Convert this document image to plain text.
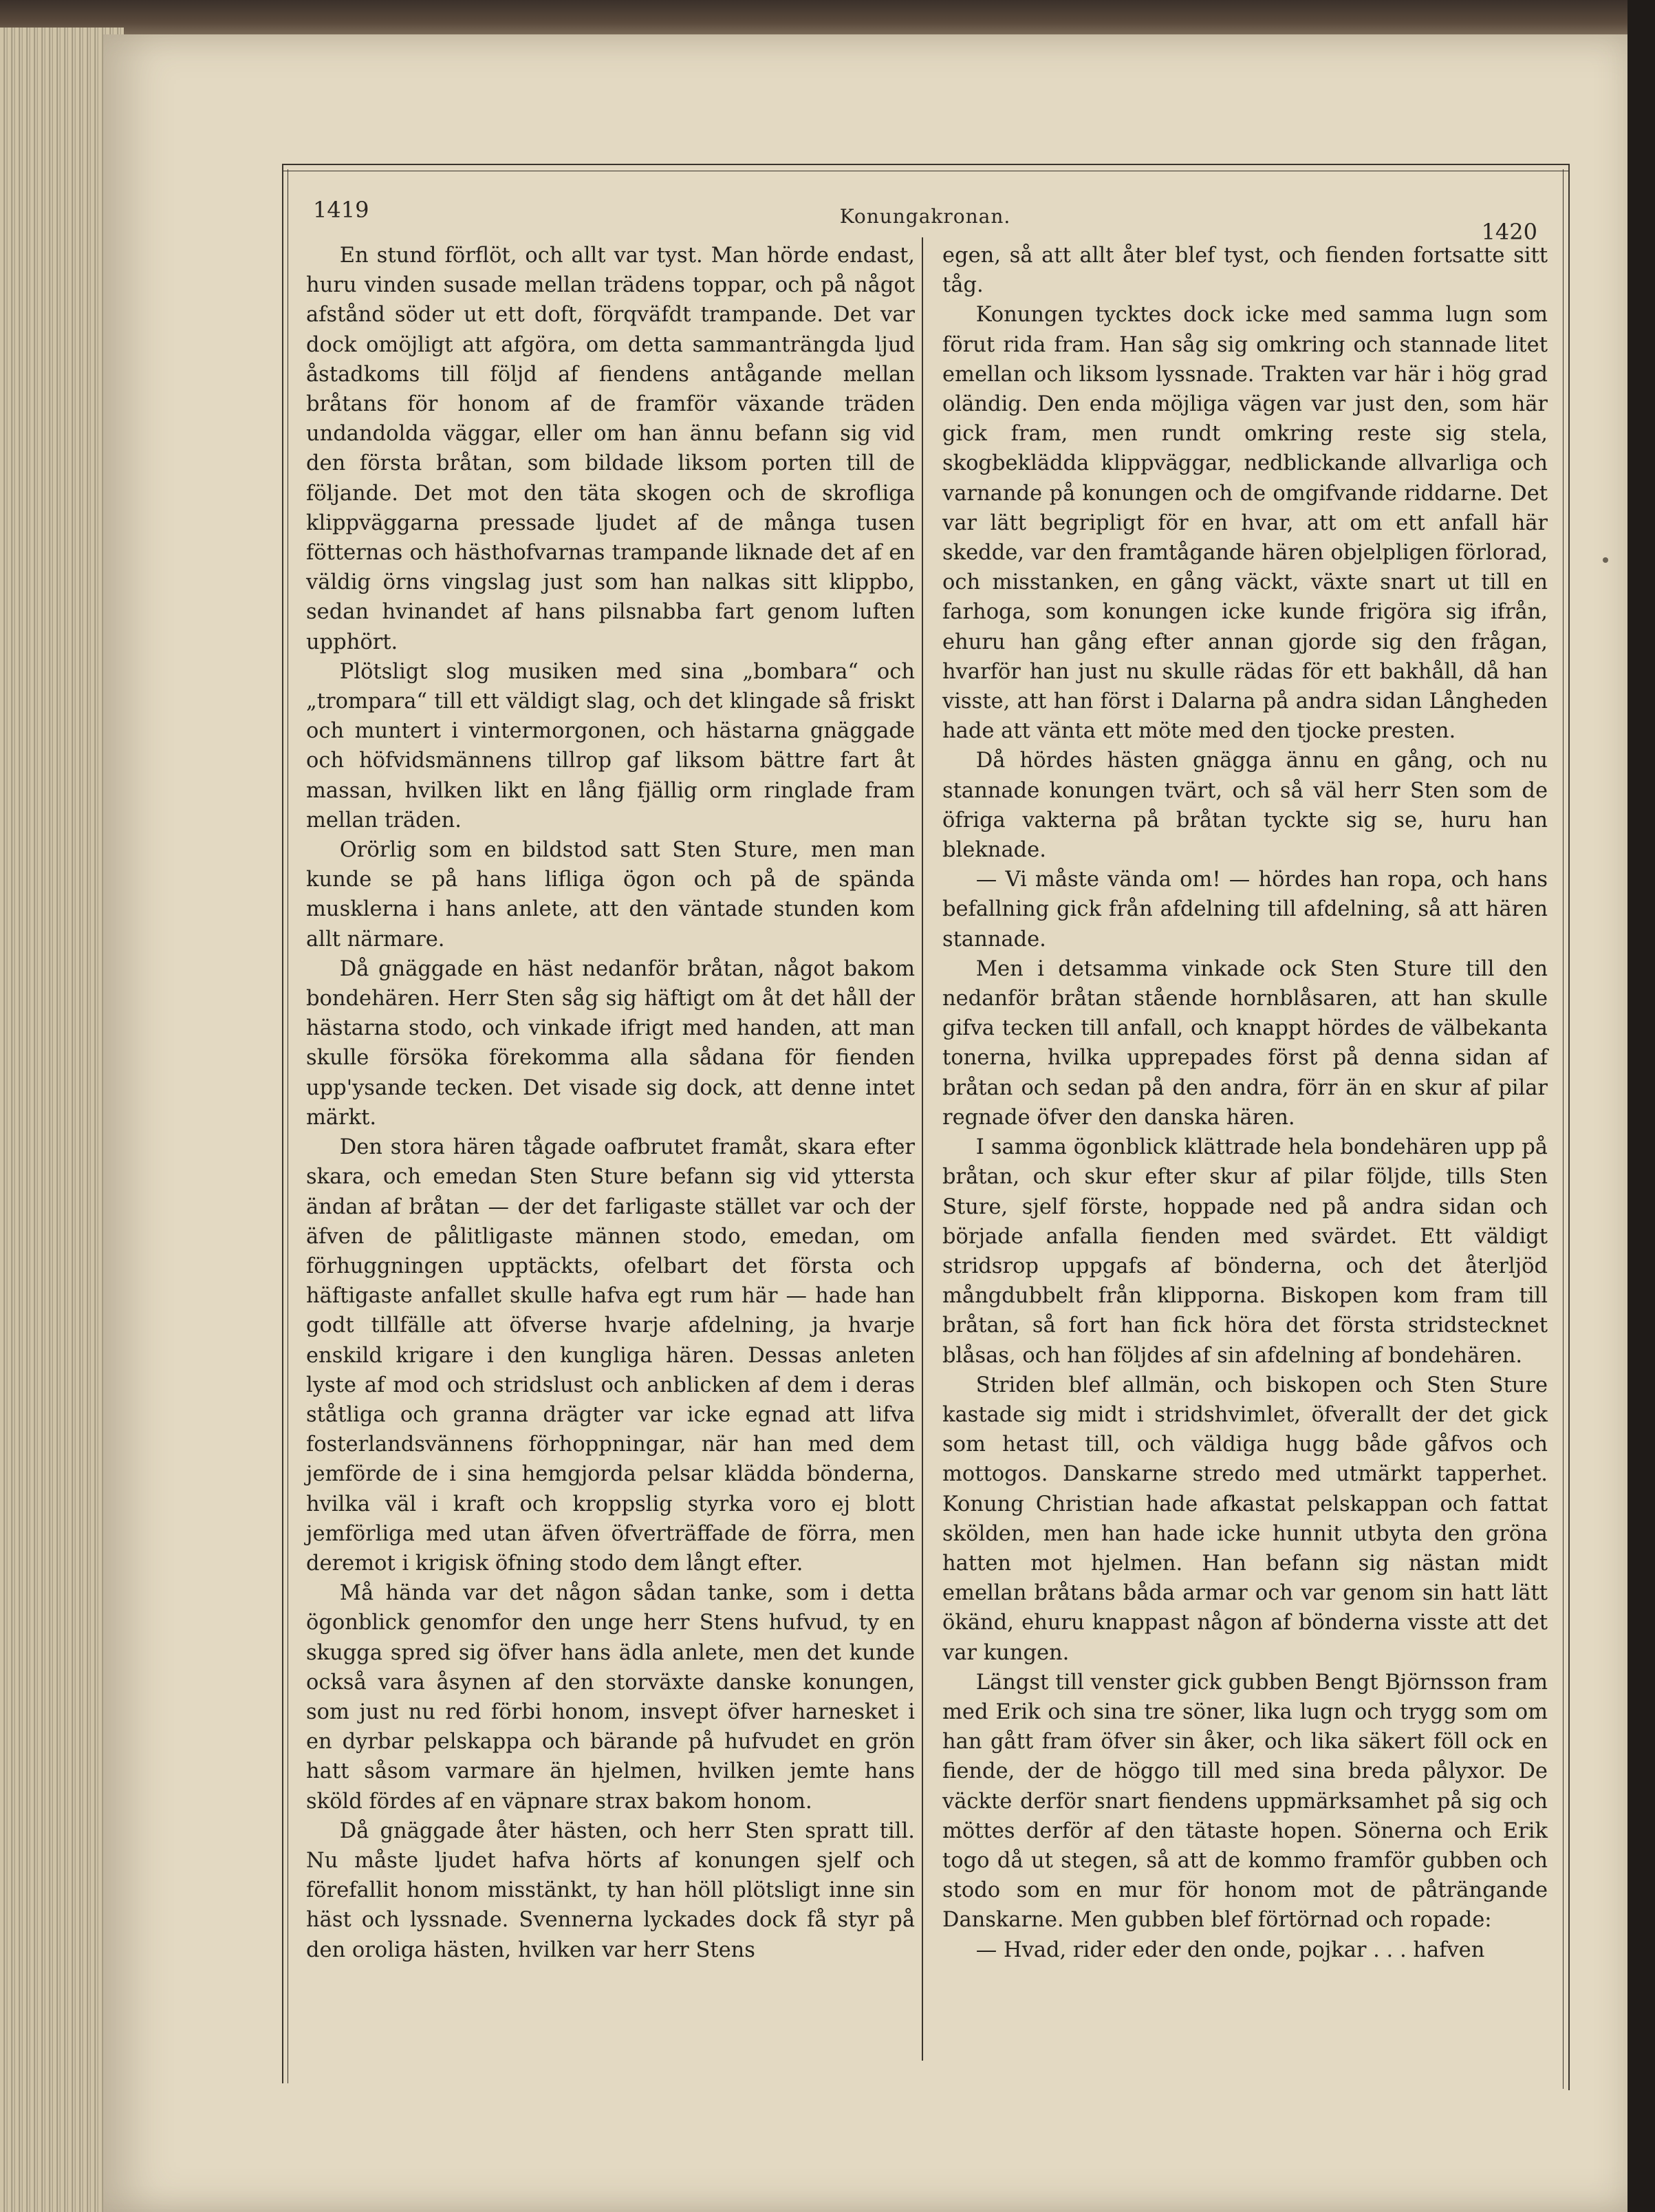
1419	Konungakronan.
1420

En stund förflöt, och allt var tyst. Man hörde endast, huru vinden susade mellan trädens toppar, och på något afstånd söder ut ett doft, förqväfdt trampande. Det var dock omöjligt att afgöra, om detta sammanträngda ljud åstadkoms till följd af fiendens antågande mellan bråtans för honom af de framför växande träden undandolda väggar, eller om han ännu befann sig vid den första bråtan, som bildade liksom porten till de följande. Det mot den täta skogen och de skrofliga klippväggarna pressade ljudet af de många tusen fötternas och hästhofvarnas trampande liknade det af en väldig örns vingslag just som han nalkas sitt klippbo, sedan hvinandet af hans pilsnabba fart genom luften upphört.

Plötsligt slog musiken med sina „bombara“ och „trompara“ till ett väldigt slag, och det klingade så friskt och muntert i vintermorgonen, och hästarna gnäggade och höfvidsmännens tillrop gaf liksom bättre fart åt massan, hvilken likt en lång fjällig orm ringlade fram mellan träden.

Orörlig som en bildstod satt Sten Sture, men man kunde se på hans lifliga ögon och på de spända musklerna i hans anlete, att den väntade stunden kom allt närmare.

Då gnäggade en häst nedanför bråtan, något bakom bondehären. Herr Sten såg sig häftigt om åt det håll der hästarna stodo, och vinkade ifrigt med handen, att man skulle försöka förekomma alla sådana för fienden upp'ysande tecken. Det visade sig dock, att denne intet märkt.

Den stora hären tågade oafbrutet framåt, skara efter skara, och emedan Sten Sture befann sig vid yttersta ändan af bråtan — der det farligaste stället var och der äfven de pålitligaste männen stodo, emedan, om förhuggningen upptäckts, ofelbart det första och häftigaste anfallet skulle hafva egt rum här — hade han godt tillfälle att öfverse hvarje afdelning, ja hvarje enskild krigare i den kungliga hären. Dessas anleten lyste af mod och stridslust och anblicken af dem i deras ståtliga och granna drägter var icke egnad att lifva fosterlandsvännens förhoppningar, när han med dem jemförde de i sina hemgjorda pelsar klädda bönderna, hvilka väl i kraft och kroppslig styrka voro ej blott jemförliga med utan äfven öfverträffade de förra, men deremot i krigisk öfning stodo dem långt efter.

Må hända var det någon sådan tanke, som i detta ögonblick genomfor den unge herr Stens hufvud, ty en skugga spred sig öfver hans ädla anlete, men det kunde också vara åsynen af den storväxte danske konungen, som just nu red förbi honom, insvept öfver harnesket i en dyrbar pelskappa och bärande på hufvudet en grön hatt såsom varmare än hjelmen, hvilken jemte hans sköld fördes af en väpnare strax bakom honom.

Då gnäggade åter hästen, och herr Sten spratt till. Nu måste ljudet hafva hörts af konungen sjelf och förefallit honom misstänkt, ty han höll plötsligt inne sin häst och lyssnade. Svennerna lyckades dock få styr på den oroliga hästen, hvilken var herr Stens

egen, så att allt åter blef tyst, och fienden fortsatte sitt tåg.

Konungen tycktes dock icke med samma lugn som förut rida fram. Han såg sig omkring och stannade litet emellan och liksom lyssnade. Trakten var här i hög grad oländig. Den enda möjliga vägen var just den, som här gick fram, men rundt omkring reste sig stela, skogbeklädda klippväggar, nedblickande allvarliga och varnande på konungen och de omgifvande riddarne. Det var lätt begripligt för en hvar, att om ett anfall här skedde, var den framtågande hären objelpligen förlorad, och misstanken, en gång väckt, växte snart ut till en farhoga, som konungen icke kunde frigöra sig ifrån, ehuru han gång efter annan gjorde sig den frågan, hvarför han just nu skulle rädas för ett bakhåll, då han visste, att han först i Dalarna på andra sidan Långheden hade att vänta ett möte med den tjocke presten.

Då hördes hästen gnägga ännu en gång, och nu stannade konungen tvärt, och så väl herr Sten som de öfriga vakterna på bråtan tyckte sig se, huru han bleknade.

— Vi måste vända om! — hördes han ropa, och hans befallning gick från afdelning till afdelning, så att hären stannade.

Men i detsamma vinkade ock Sten Sture till den nedanför bråtan stående hornblåsaren, att han skulle gifva tecken till anfall, och knappt hördes de välbekanta tonerna, hvilka upprepades först på denna sidan af bråtan och sedan på den andra, förr än en skur af pilar regnade öfver den danska hären.

I samma ögonblick klättrade hela bondehären upp på bråtan, och skur efter skur af pilar följde, tills Sten Sture, sjelf förste, hoppade ned på andra sidan och började anfalla fienden med svärdet. Ett väldigt stridsrop uppgafs af bönderna, och det återljöd mångdubbelt från klipporna. Biskopen kom fram till bråtan, så fort han fick höra det första stridstecknet blåsas, och han följdes af sin afdelning af bondehären.

Striden blef allmän, och biskopen och Sten Sture kastade sig midt i stridshvimlet, öfverallt der det gick som hetast till, och väldiga hugg både gåfvos och mottogos. Danskarne stredo med utmärkt tapperhet. Konung Christian hade afkastat pelskappan och fattat skölden, men han hade icke hunnit utbyta den gröna hatten mot hjelmen. Han befann sig nästan midt emellan bråtans båda armar och var genom sin hatt lätt ökänd, ehuru knappast någon af bönderna visste att det var kungen.

Längst till venster gick gubben Bengt Björnsson fram med Erik och sina tre söner, lika lugn och trygg som om han gått fram öfver sin åker, och lika säkert föll ock en fiende, der de höggo till med sina breda pålyxor. De väckte derför snart fiendens uppmärksamhet på sig och möttes derför af den tätaste hopen. Sönerna och Erik togo då ut stegen, så att de kommo framför gubben och stodo som en mur för honom mot de påträngande Danskarne. Men gubben blef förtörnad och ropade:

— Hvad, rider eder den onde, pojkar . . . hafven
